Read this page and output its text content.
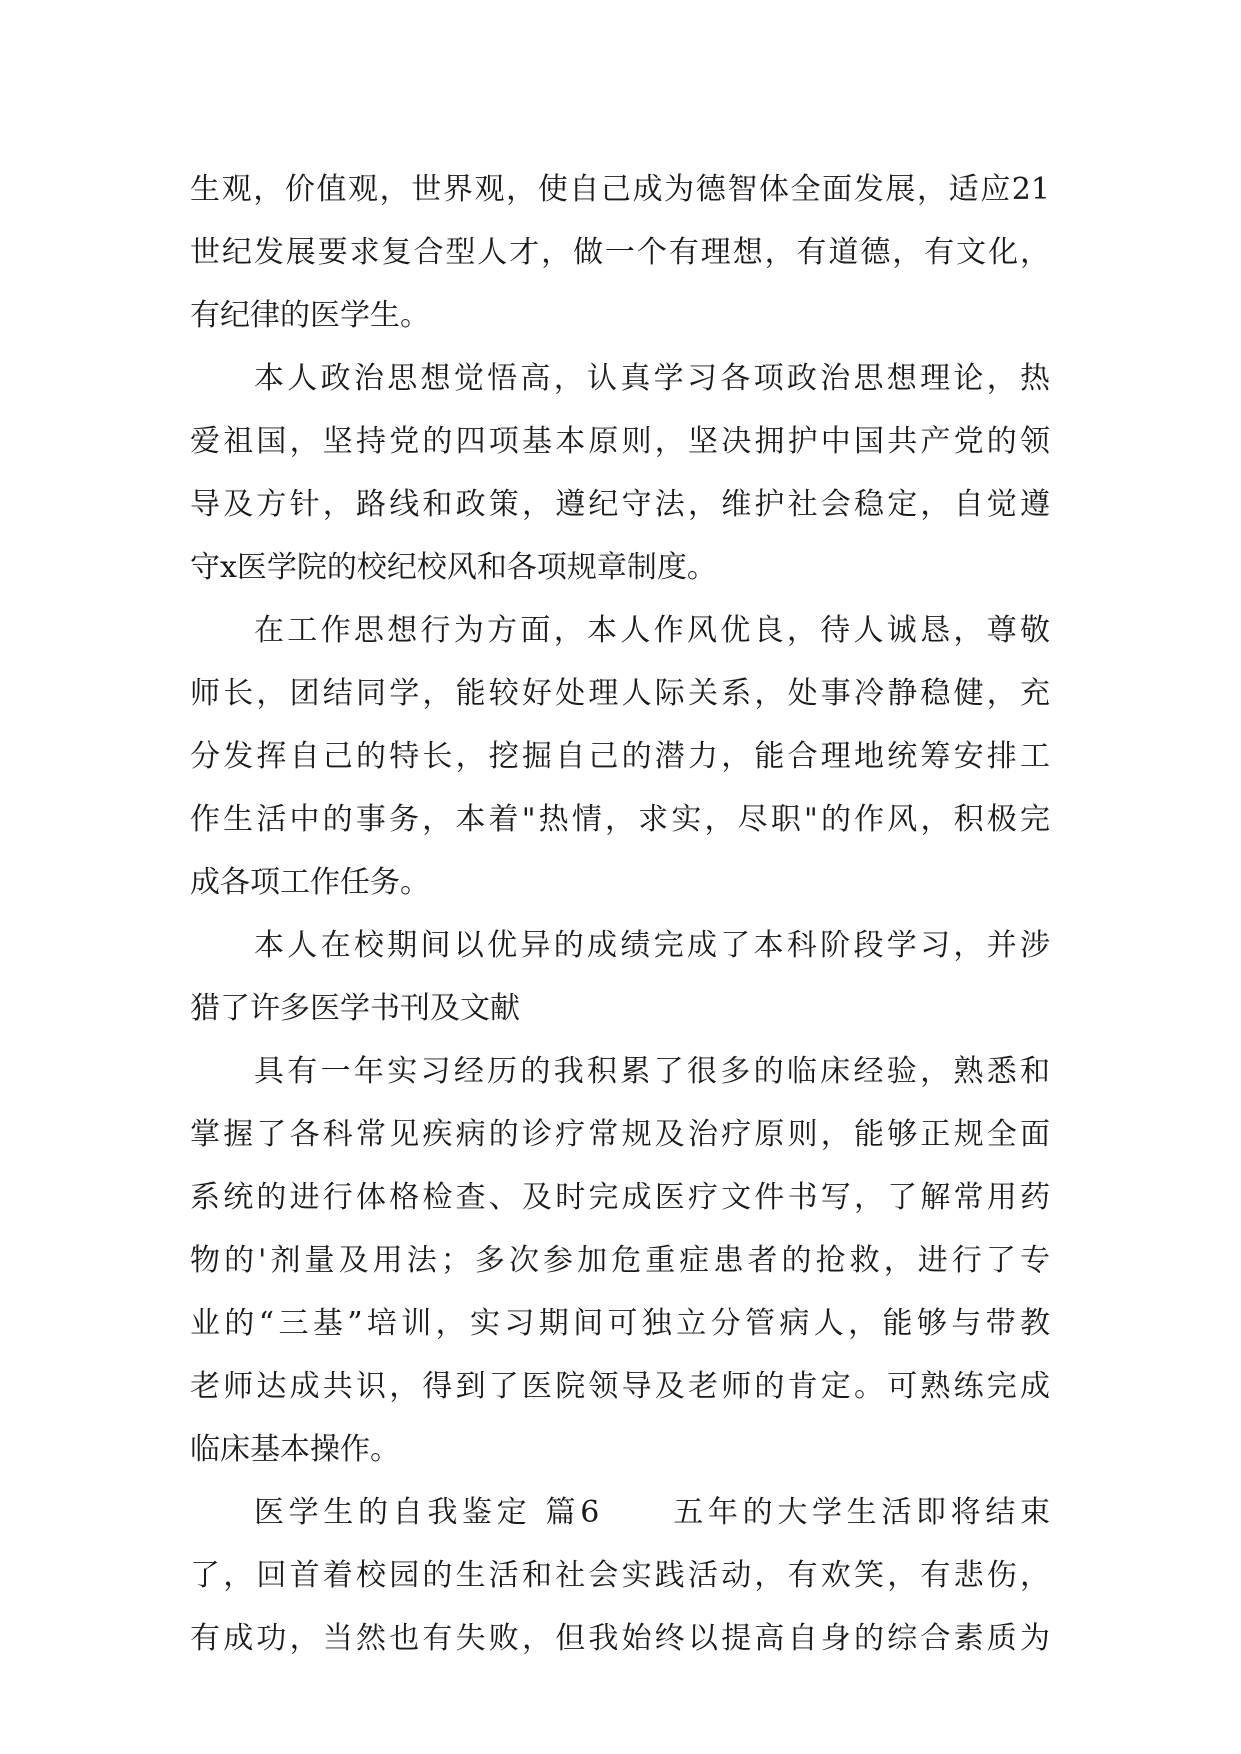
生观，价值观，世界观，使自己成为德智体全面发展，适应21
世纪发展要求复合型人才，做一个有理想，有道德，有文化，
有纪律的医学生。
本人政治思想觉悟高，认真学习各项政治思想理论，热
爱祖国，坚持党的四项基本原则，坚决拥护中国共产党的领
导及方针，路线和政策，遵纪守法，维护社会稳定，自觉遵
守x医学院的校纪校风和各项规章制度。
在工作思想行为方面，本人作风优良，待人诚恳，尊敬
师长，团结同学，能较好处理人际关系，处事冷静稳健，充
分发挥自己的特长，挖掘自己的潜力，能合理地统筹安排工
作生活中的事务，本着"热情，求实，尽职"的作风，积极完
成各项工作任务。
本人在校期间以优异的成绩完成了本科阶段学习，并涉
猎了许多医学书刊及文献
具有一年实习经历的我积累了很多的临床经验，熟悉和
掌握了各科常见疾病的诊疗常规及治疗原则，能够正规全面
系统的进行体格检查、及时完成医疗文件书写，了解常用药
物的'剂量及用法；多次参加危重症患者的抢救，进行了专
业的“三基”培训，实习期间可独立分管病人，能够与带教
老师达成共识，得到了医院领导及老师的肯定。可熟练完成
临床基本操作。
医学生的自我鉴定 篇6　　五年的大学生活即将结束
了，回首着校园的生活和社会实践活动，有欢笑，有悲伤，
有成功，当然也有失败，但我始终以提高自身的综合素质为
